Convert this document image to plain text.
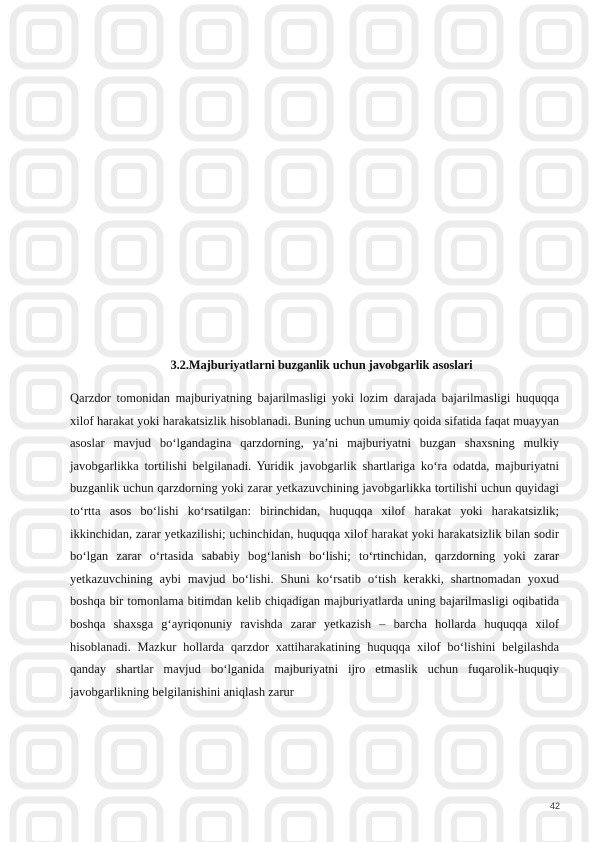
3.2.Majburiyatlarni buzganlik uchun javobgarlik asoslari

Qarzdor tomonidan majburiyatning bajarilmasligi yoki lozim darajada bajarilmasligi huquqqa xilof harakat yoki harakatsizlik hisoblanadi. Buning uchun umumiy qoida sifatida faqat muayyan asoslar mavjud boʻlgandagina qarzdorning, ya’ni majburiyatni buzgan shaxsning mulkiy javobgarlikka tortilishi belgilanadi. Yuridik javobgarlik shartlariga koʻra odatda, majburiyatni buzganlik uchun qarzdorning yoki zarar yetkazuvchining javobgarlikka tortilishi uchun quyidagi toʻrtta asos boʻlishi koʻrsatilgan: birinchidan, huquqqa xilof harakat yoki harakatsizlik; ikkinchidan, zarar yetkazilishi; uchinchidan, huquqqa xilof harakat yoki harakatsizlik bilan sodir boʻlgan zarar oʻrtasida sababiy bogʻlanish boʻlishi; toʻrtinchidan, qarzdorning yoki zarar yetkazuvchining aybi mavjud boʻlishi. Shuni koʻrsatib oʻtish kerakki, shartnomadan yoxud boshqa bir tomonlama bitimdan kelib chiqadigan majburiyatlarda uning bajarilmasligi oqibatida boshqa shaxsga gʻayriqonuniy ravishda zarar yetkazish – barcha hollarda huquqqa xilof hisoblanadi. Mazkur hollarda qarzdor xattiharakatining huquqqa xilof boʻlishini belgilashda qanday shartlar mavjud boʻlganida majburiyatni ijro etmaslik uchun fuqarolik-huquqiy javobgarlikning belgilanishini aniqlash zarur

42
